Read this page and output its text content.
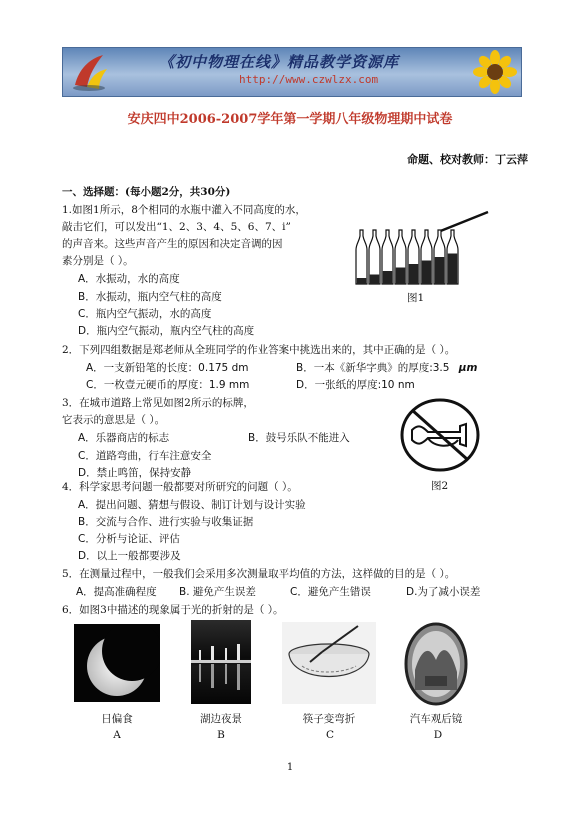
《初中物理在线》精品教学资源库
http://www.czwlzx.com
安庆四中2006-2007学年第一学期八年级物理期中试卷
命题、校对教师：丁云萍
一、选择题：(每小题2分，共30分)
1.如图1所示，8个相同的水瓶中灌入不同高度的水，
敲击它们，可以发出“1、2、3、4、5、6、7、i”
的声音来。这些声音产生的原因和决定音调的因
素分别是（ ）。
A．水振动，水的高度
B．水振动，瓶内空气柱的高度
C．瓶内空气振动，水的高度
D．瓶内空气振动，瓶内空气柱的高度
图1
2．下列四组数据是郑老师从全班同学的作业答案中挑选出来的，其中正确的是（ ）。
A．一支新铅笔的长度：0.175 dm	B．一本《新华字典》的厚度:3.5 μm
C．一枚壹元硬币的厚度：1.9 mm	D．一张纸的厚度:10 nm
3．在城市道路上常见如图2所示的标牌，
它表示的意思是（ ）。
A．乐器商店的标志	B．鼓号乐队不能进入
C．道路弯曲，行车注意安全
D．禁止鸣笛，保持安静
图2
4．科学家思考问题一般都要对所研究的问题（ ）。
A．提出问题、猜想与假设、制订计划与设计实验
B．交流与合作、进行实验与收集证据
C．分析与论证、评估
D．以上一般都要涉及
5．在测量过程中，一般我们会采用多次测量取平均值的方法，这样做的目的是（ ）。
A．提高准确程度 B. 避免产生误差	C．避免产生错误	D.为了减小误差
6．如图3中描述的现象属于光的折射的是（ ）。
日偏食	湖边夜景	筷子变弯折	汽车观后镜
A	B	C	D
1
